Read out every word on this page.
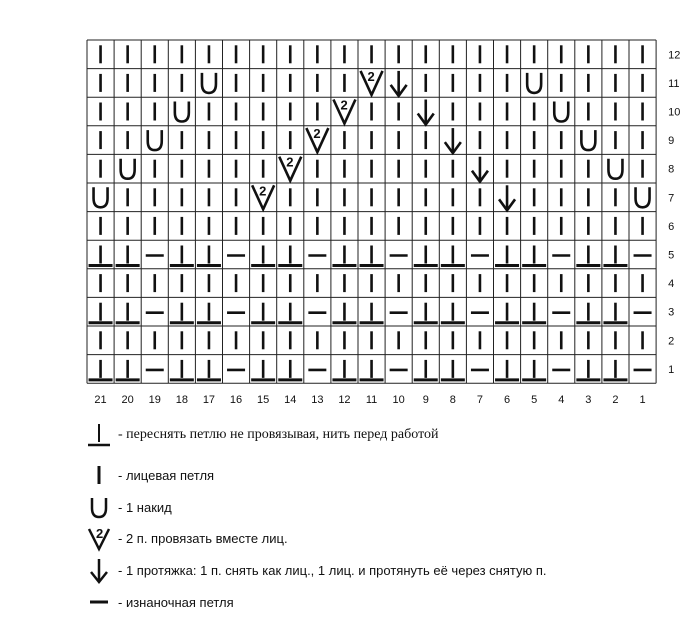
2
2
2
2
2
12
11
10
9
8
7
6
5
4
3
2
1
21 20 19 18 17 16 15 14 13 12 11 10 9 8 7 6 5 4 3 2 1
- переснять петлю не провязывая, нить перед работой
- лицевая петля
- 1 накид
2 - 2 п. провязать вместе лиц.
- 1 протяжка: 1 п. снять как лиц., 1 лиц. и протянуть её через снятую п.
- изнаночная петля
